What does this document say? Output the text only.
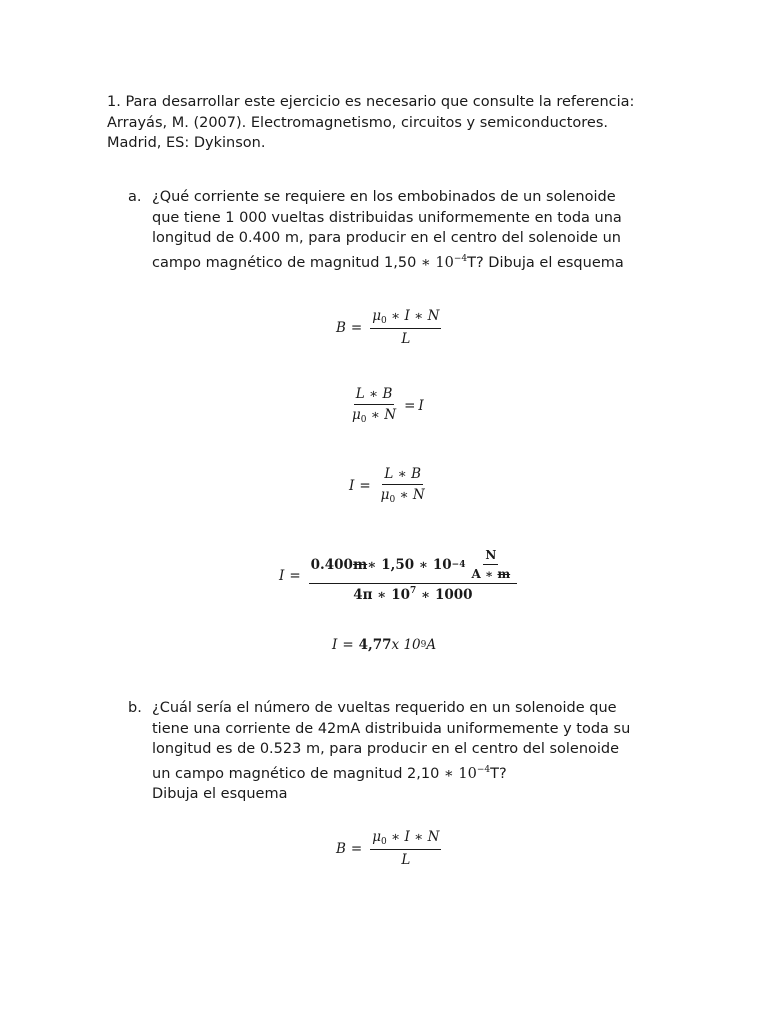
1. Para desarrollar este ejercicio es necesario que consulte la referencia:
Arrayás, M. (2007). Electromagnetismo, circuitos y semiconductores.
Madrid, ES: Dykinson.
a. ¿Qué corriente se requiere en los embobinados de un solenoide
que tiene 1 000 vueltas distribuidas uniformemente en toda una
longitud de 0.400 m, para producir en el centro del solenoide un
campo magnético de magnitud 1,50 ∗ $10^{-4}T$? Dibuja el esquema
$B = \frac{\mu_0 ∗ I ∗ N}{L}$
$\frac{L ∗ B}{\mu_0 ∗ N} = I$
$I = \frac{L ∗ B}{\mu_0 ∗ N}$
$I = \frac{0.400 m ∗ 1,50 ∗ 10 -4 \frac{N}{A ∗ m}}{4\pi ∗ 10^7 ∗ 1000}$
I = 4,77 x 10 9 A
b. ¿Cuál sería el número de vueltas requerido en un solenoide que
tiene una corriente de 42mA distribuida uniformemente y toda su
longitud es de 0.523 m, para producir en el centro del solenoide
un campo magnético de magnitud 2,10 ∗ $10^{-4}T$?
Dibuja el esquema
$B = \frac{\mu_0 ∗ I ∗ N}{L}$
